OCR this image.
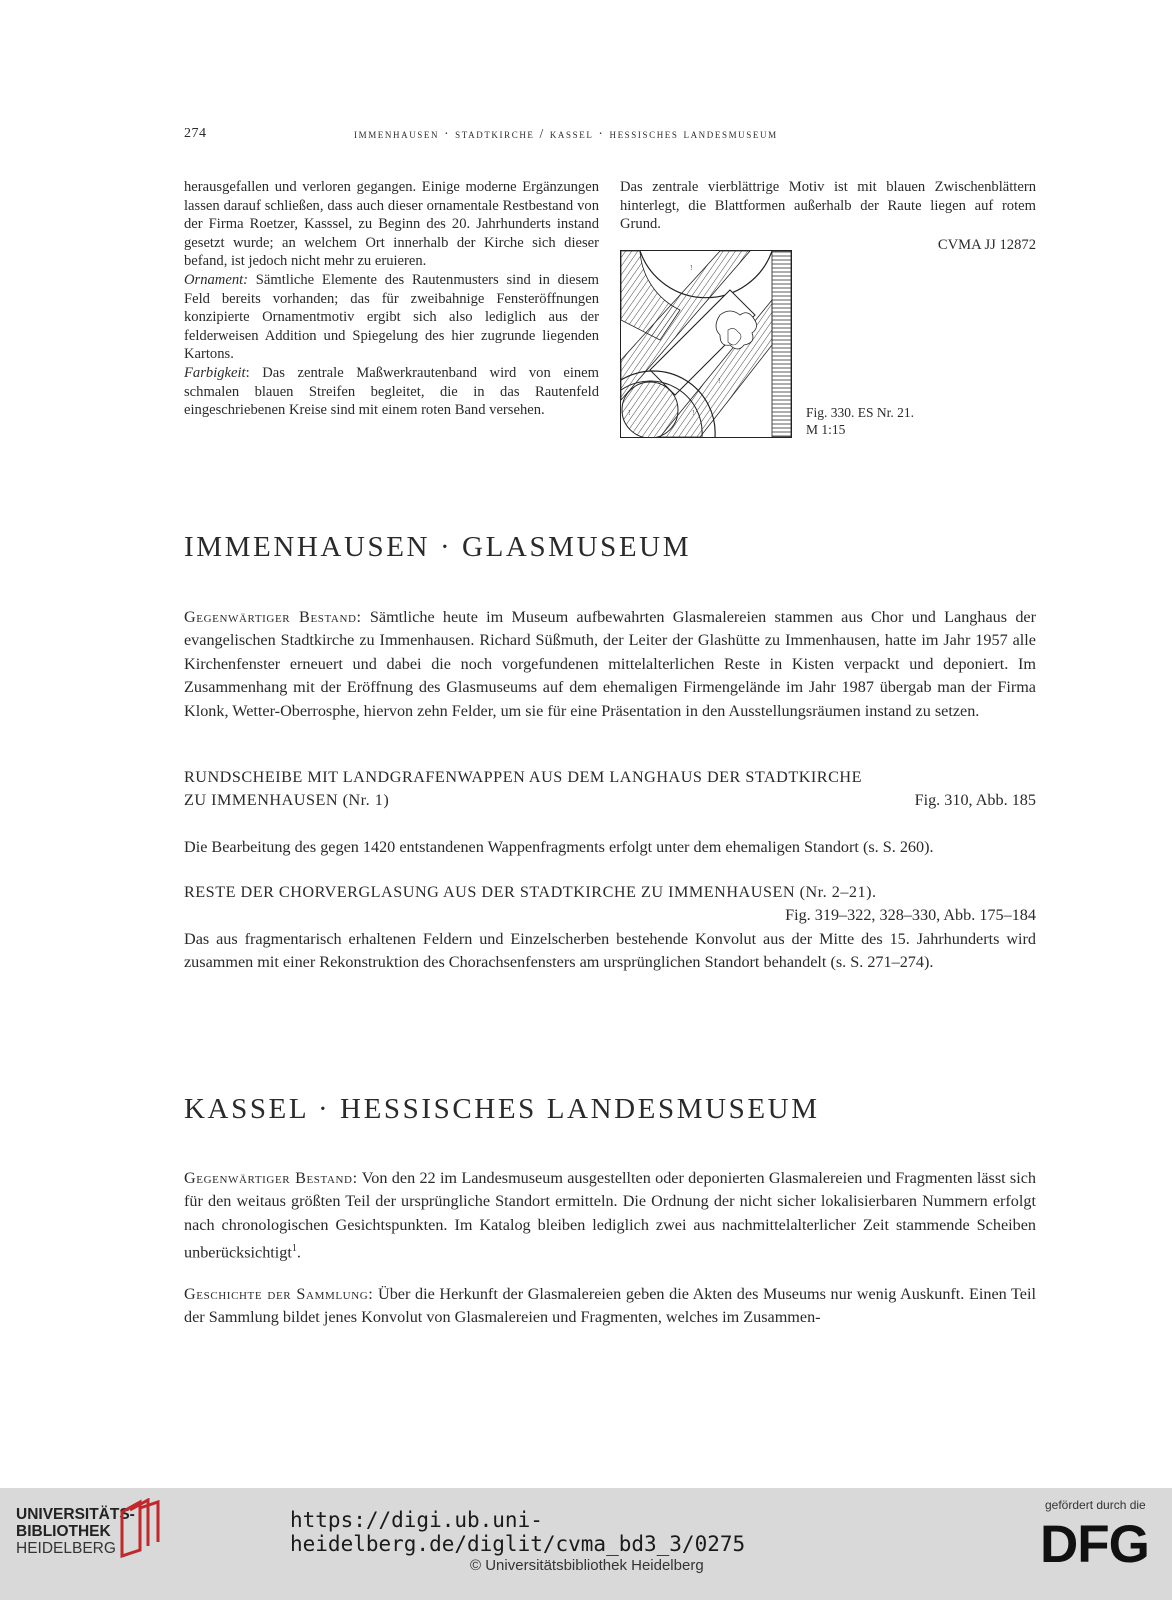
274	immenhausen · stadtkirche / kassel · hessisches landesmuseum

herausgefallen und verloren gegangen. Einige moderne Ergänzungen lassen darauf schließen, dass auch dieser ornamentale Restbestand von der Firma Roetzer, Kasssel, zu Beginn des 20. Jahrhunderts instand gesetzt wurde; an welchem Ort innerhalb der Kirche sich dieser befand, ist jedoch nicht mehr zu eruieren.

Ornament: Sämtliche Elemente des Rautenmusters sind in diesem Feld bereits vorhanden; das für zweibahnige Fensteröffnungen konzipierte Ornamentmotiv ergibt sich also lediglich aus der felderweisen Addition und Spiegelung des hier zugrunde liegenden Kartons.

Farbigkeit: Das zentrale Maßwerkrautenband wird von einem schmalen blauen Streifen begleitet, die in das Rautenfeld eingeschriebenen Kreise sind mit einem roten Band versehen.

Das zentrale vierblättrige Motiv ist mit blauen Zwischenblättern hinterlegt, die Blattformen außerhalb der Raute liegen auf rotem Grund.

CVMA JJ 12872

!
!
!	!	Fig. 330. ES Nr. 21.
M 1:15
IMMENHAUSEN · GLASMUSEUM

Gegenwärtiger Bestand: Sämtliche heute im Museum aufbewahrten Glasmalereien stammen aus Chor und Langhaus der evangelischen Stadtkirche zu Immenhausen. Richard Süßmuth, der Leiter der Glashütte zu Immenhausen, hatte im Jahr 1957 alle Kirchenfenster erneuert und dabei die noch vorgefundenen mittelalterlichen Reste in Kisten verpackt und deponiert. Im Zusammenhang mit der Eröffnung des Glasmuseums auf dem ehemaligen Firmengelände im Jahr 1987 übergab man der Firma Klonk, Wetter-Oberrosphe, hiervon zehn Felder, um sie für eine Präsentation in den Ausstellungsräumen instand zu setzen.

RUNDSCHEIBE MIT LANDGRAFENWAPPEN AUS DEM LANGHAUS DER STADTKIRCHE
ZU IMMENHAUSEN (Nr. 1)	Fig. 310, Abb. 185

Die Bearbeitung des gegen 1420 entstandenen Wappenfragments erfolgt unter dem ehemaligen Standort (s. S. 260).

RESTE DER CHORVERGLASUNG AUS DER STADTKIRCHE ZU IMMENHAUSEN (Nr. 2–21).
Fig. 319–322, 328–330, Abb. 175–184

Das aus fragmentarisch erhaltenen Feldern und Einzelscherben bestehende Konvolut aus der Mitte des 15. Jahrhunderts wird zusammen mit einer Rekonstruktion des Chorachsenfensters am ursprünglichen Standort behandelt (s. S. 271–274).

KASSEL · HESSISCHES LANDESMUSEUM

Gegenwärtiger Bestand: Von den 22 im Landesmuseum ausgestellten oder deponierten Glasmalereien und Fragmenten lässt sich für den weitaus größten Teil der ursprüngliche Standort ermitteln. Die Ordnung der nicht sicher lokalisierbaren Nummern erfolgt nach chronologischen Gesichtspunkten. Im Katalog bleiben lediglich zwei aus nachmittelalterlicher Zeit stammende Scheiben unberücksichtigt$^1$.

Geschichte der Sammlung: Über die Herkunft der Glasmalereien geben die Akten des Museums nur wenig Auskunft. Einen Teil der Sammlung bildet jenes Konvolut von Glasmalereien und Fragmenten, welches im Zusammen-

UNIVERSITÄTS-
BIBLIOTHEK
HEIDELBERG
https://digi.ub.uni-heidelberg.de/diglit/cvma_bd3_3/0275
© Universitätsbibliothek Heidelberg
gefördert durch die
DFG
